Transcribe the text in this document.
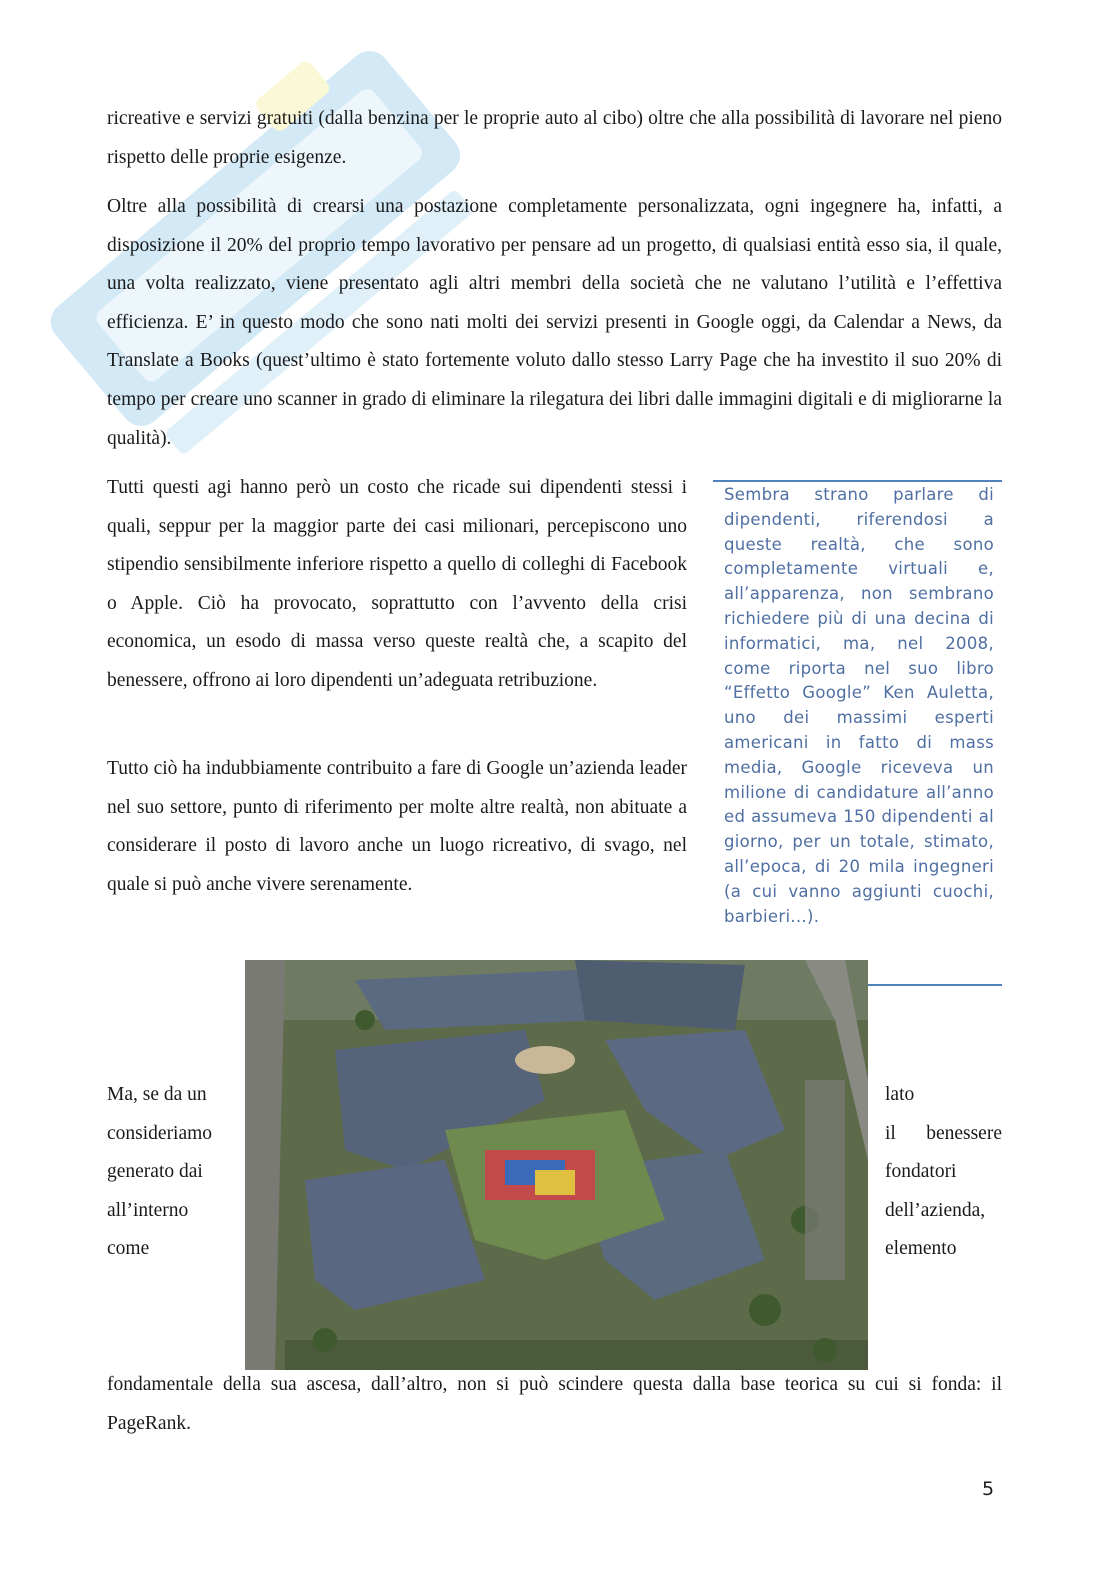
ricreative e servizi gratuiti (dalla benzina per le proprie auto al cibo) oltre che alla possibilità di lavorare nel pieno rispetto delle proprie esigenze.

Oltre alla possibilità di crearsi una postazione completamente personalizzata, ogni ingegnere ha, infatti, a disposizione il 20% del proprio tempo lavorativo per pensare ad un progetto, di qualsiasi entità esso sia, il quale, una volta realizzato, viene presentato agli altri membri della società che ne valutano l’utilità e l’effettiva efficienza. E’ in questo modo che sono nati molti dei servizi presenti in Google oggi, da Calendar a News, da Translate a Books (quest’ultimo è stato fortemente voluto dallo stesso Larry Page che ha investito il suo 20% di tempo per creare uno scanner in grado di eliminare la rilegatura dei libri dalle immagini digitali e di migliorarne la qualità).

Tutti questi agi hanno però un costo che ricade sui dipendenti stessi i quali, seppur per la maggior parte dei casi milionari, percepiscono uno stipendio sensibilmente inferiore rispetto a quello di colleghi di Facebook o Apple. Ciò ha provocato, soprattutto con l’avvento della crisi economica, un esodo di massa verso queste realtà che, a scapito del benessere, offrono ai loro dipendenti un’adeguata retribuzione.

Tutto ciò ha indubbiamente contribuito a fare di Google un’azienda leader nel suo settore, punto di riferimento per molte altre realtà, non abituate a considerare il posto di lavoro anche un luogo ricreativo, di svago, nel quale si può anche vivere serenamente.

Sembra strano parlare di dipendenti, riferendosi a queste realtà, che sono completamente virtuali e, all’apparenza, non sembrano richiedere più di una decina di informatici, ma, nel 2008, come riporta nel suo libro “Effetto Google” Ken Auletta, uno dei massimi esperti americani in fatto di mass media, Google riceveva un milione di candidature all’anno ed assumeva 150 dipendenti al giorno, per un totale, stimato, all’epoca, di 20 mila ingegneri (a cui vanno aggiunti cuochi, barbieri...).

Ma, se da un
consideriamo
generato dai
all’interno
come
lato
il benessere
fondatori
dell’azienda,
elemento

fondamentale della sua ascesa, dall’altro, non si può scindere questa dalla base teorica su cui si fonda: il PageRank.

5
